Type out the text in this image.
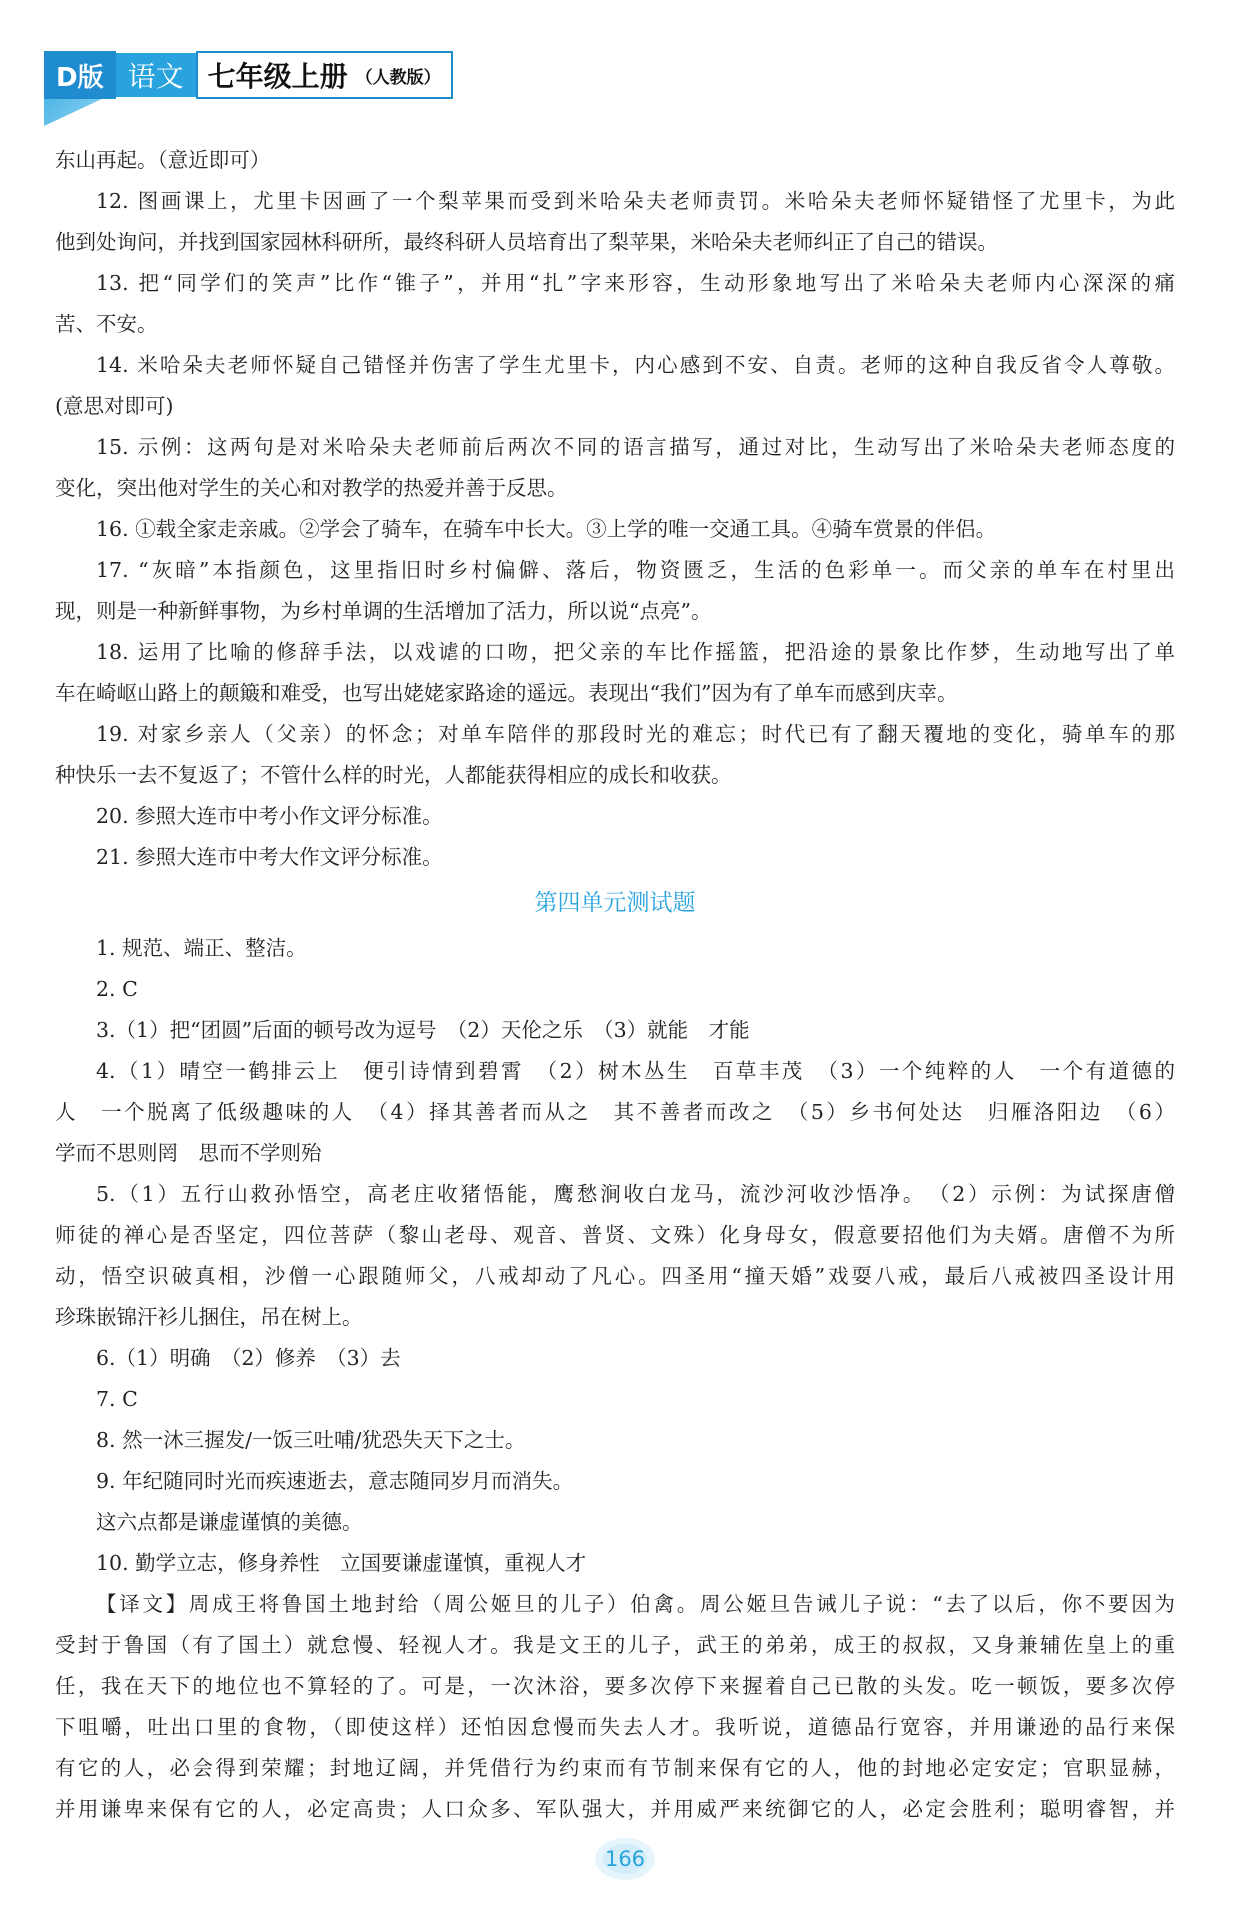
D版 语文 七年级上册 （人教版）
东山再起。（意近即可）
12. 图画课上，尤里卡因画了一个梨苹果而受到米哈朵夫老师责罚。米哈朵夫老师怀疑错怪了尤里卡，为此
他到处询问，并找到国家园林科研所，最终科研人员培育出了梨苹果，米哈朵夫老师纠正了自己的错误。
13. 把“同学们的笑声”比作“锥子”，并用“扎”字来形容，生动形象地写出了米哈朵夫老师内心深深的痛
苦、不安。
14. 米哈朵夫老师怀疑自己错怪并伤害了学生尤里卡，内心感到不安、自责。老师的这种自我反省令人尊敬。
(意思对即可)
15. 示例：这两句是对米哈朵夫老师前后两次不同的语言描写，通过对比，生动写出了米哈朵夫老师态度的
变化，突出他对学生的关心和对教学的热爱并善于反思。
16. ①载全家走亲戚。②学会了骑车，在骑车中长大。③上学的唯一交通工具。④骑车赏景的伴侣。
17. “灰暗”本指颜色，这里指旧时乡村偏僻、落后，物资匮乏，生活的色彩单一。而父亲的单车在村里出
现，则是一种新鲜事物，为乡村单调的生活增加了活力，所以说“点亮”。
18. 运用了比喻的修辞手法，以戏谑的口吻，把父亲的车比作摇篮，把沿途的景象比作梦，生动地写出了单
车在崎岖山路上的颠簸和难受，也写出姥姥家路途的遥远。表现出“我们”因为有了单车而感到庆幸。
19. 对家乡亲人（父亲）的怀念；对单车陪伴的那段时光的难忘；时代已有了翻天覆地的变化，骑单车的那
种快乐一去不复返了；不管什么样的时光，人都能获得相应的成长和收获。
20. 参照大连市中考小作文评分标准。
21. 参照大连市中考大作文评分标准。
第四单元测试题
1. 规范、端正、整洁。
2. C
3.（1）把“团圆”后面的顿号改为逗号　（2）天伦之乐　（3）就能　才能
4.（1）晴空一鹤排云上　便引诗情到碧霄　（2）树木丛生　百草丰茂　（3）一个纯粹的人　一个有道德的
人　一个脱离了低级趣味的人　（4）择其善者而从之　其不善者而改之　（5）乡书何处达　归雁洛阳边　（6）
学而不思则罔　思而不学则殆
5.（1）五行山救孙悟空，高老庄收猪悟能，鹰愁涧收白龙马，流沙河收沙悟净。　（2）示例：为试探唐僧
师徒的禅心是否坚定，四位菩萨（黎山老母、观音、普贤、文殊）化身母女，假意要招他们为夫婿。唐僧不为所
动，悟空识破真相，沙僧一心跟随师父，八戒却动了凡心。四圣用“撞天婚”戏耍八戒，最后八戒被四圣设计用
珍珠嵌锦汗衫儿捆住，吊在树上。
6.（1）明确　（2）修养　（3）去
7. C
8. 然一沐三握发/一饭三吐哺/犹恐失天下之士。
9. 年纪随同时光而疾速逝去，意志随同岁月而消失。
这六点都是谦虚谨慎的美德。
10. 勤学立志，修身养性　立国要谦虚谨慎，重视人才
【译文】周成王将鲁国土地封给（周公姬旦的儿子）伯禽。周公姬旦告诫儿子说：“去了以后，你不要因为
受封于鲁国（有了国土）就怠慢、轻视人才。我是文王的儿子，武王的弟弟，成王的叔叔，又身兼辅佐皇上的重
任，我在天下的地位也不算轻的了。可是，一次沐浴，要多次停下来握着自己已散的头发。吃一顿饭，要多次停
下咀嚼，吐出口里的食物，（即使这样）还怕因怠慢而失去人才。我听说，道德品行宽容，并用谦逊的品行来保
有它的人，必会得到荣耀；封地辽阔，并凭借行为约束而有节制来保有它的人，他的封地必定安定；官职显赫，
并用谦卑来保有它的人，必定高贵；人口众多、军队强大，并用威严来统御它的人，必定会胜利；聪明睿智，并
166
